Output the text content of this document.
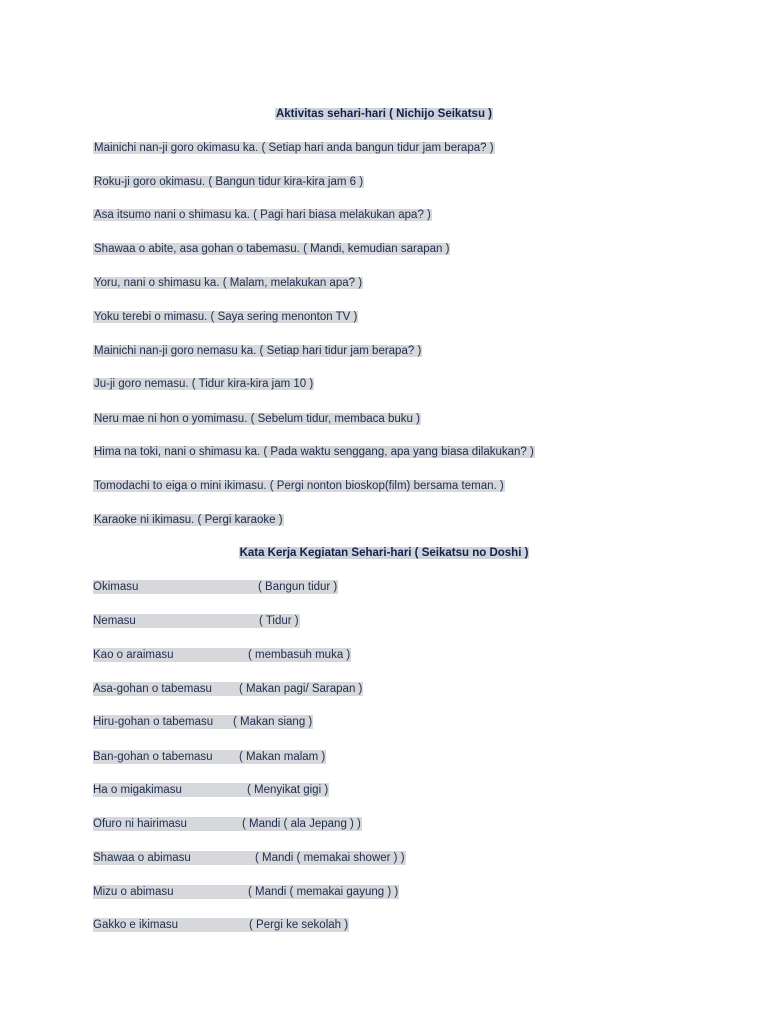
Aktivitas sehari-hari ( Nichijo Seikatsu )
Mainichi nan-ji goro okimasu ka. ( Setiap hari anda bangun tidur jam berapa? )
Roku-ji goro okimasu. ( Bangun tidur kira-kira jam 6 )
Asa itsumo nani o shimasu ka. ( Pagi hari biasa melakukan apa? )
Shawaa o abite, asa gohan o tabemasu. ( Mandi, kemudian sarapan )
Yoru, nani o shimasu ka. ( Malam, melakukan apa? )
Yoku terebi o mimasu. ( Saya sering menonton TV )
Mainichi nan-ji goro nemasu ka. ( Setiap hari tidur jam berapa? )
Ju-ji goro nemasu. ( Tidur kira-kira jam 10 )
Neru mae ni hon o yomimasu. ( Sebelum tidur, membaca buku )
Hima na toki, nani o shimasu ka. ( Pada waktu senggang, apa yang biasa dilakukan? )
Tomodachi to eiga o mini ikimasu. ( Pergi nonton bioskop(film) bersama teman. )
Karaoke ni ikimasu. ( Pergi karaoke )
Kata Kerja Kegiatan Sehari-hari ( Seikatsu no Doshi )
Okimasu	( Bangun tidur )
Nemasu	( Tidur )
Kao o araimasu	( membasuh muka )
Asa-gohan o tabemasu	( Makan pagi/ Sarapan )
Hiru-gohan o tabemasu	( Makan siang )
Ban-gohan o tabemasu	( Makan malam )
Ha o migakimasu	( Menyikat gigi )
Ofuro ni hairimasu	( Mandi ( ala Jepang ) )
Shawaa o abimasu	( Mandi ( memakai shower ) )
Mizu o abimasu	( Mandi ( memakai gayung ) )
Gakko e ikimasu	( Pergi ke sekolah )
